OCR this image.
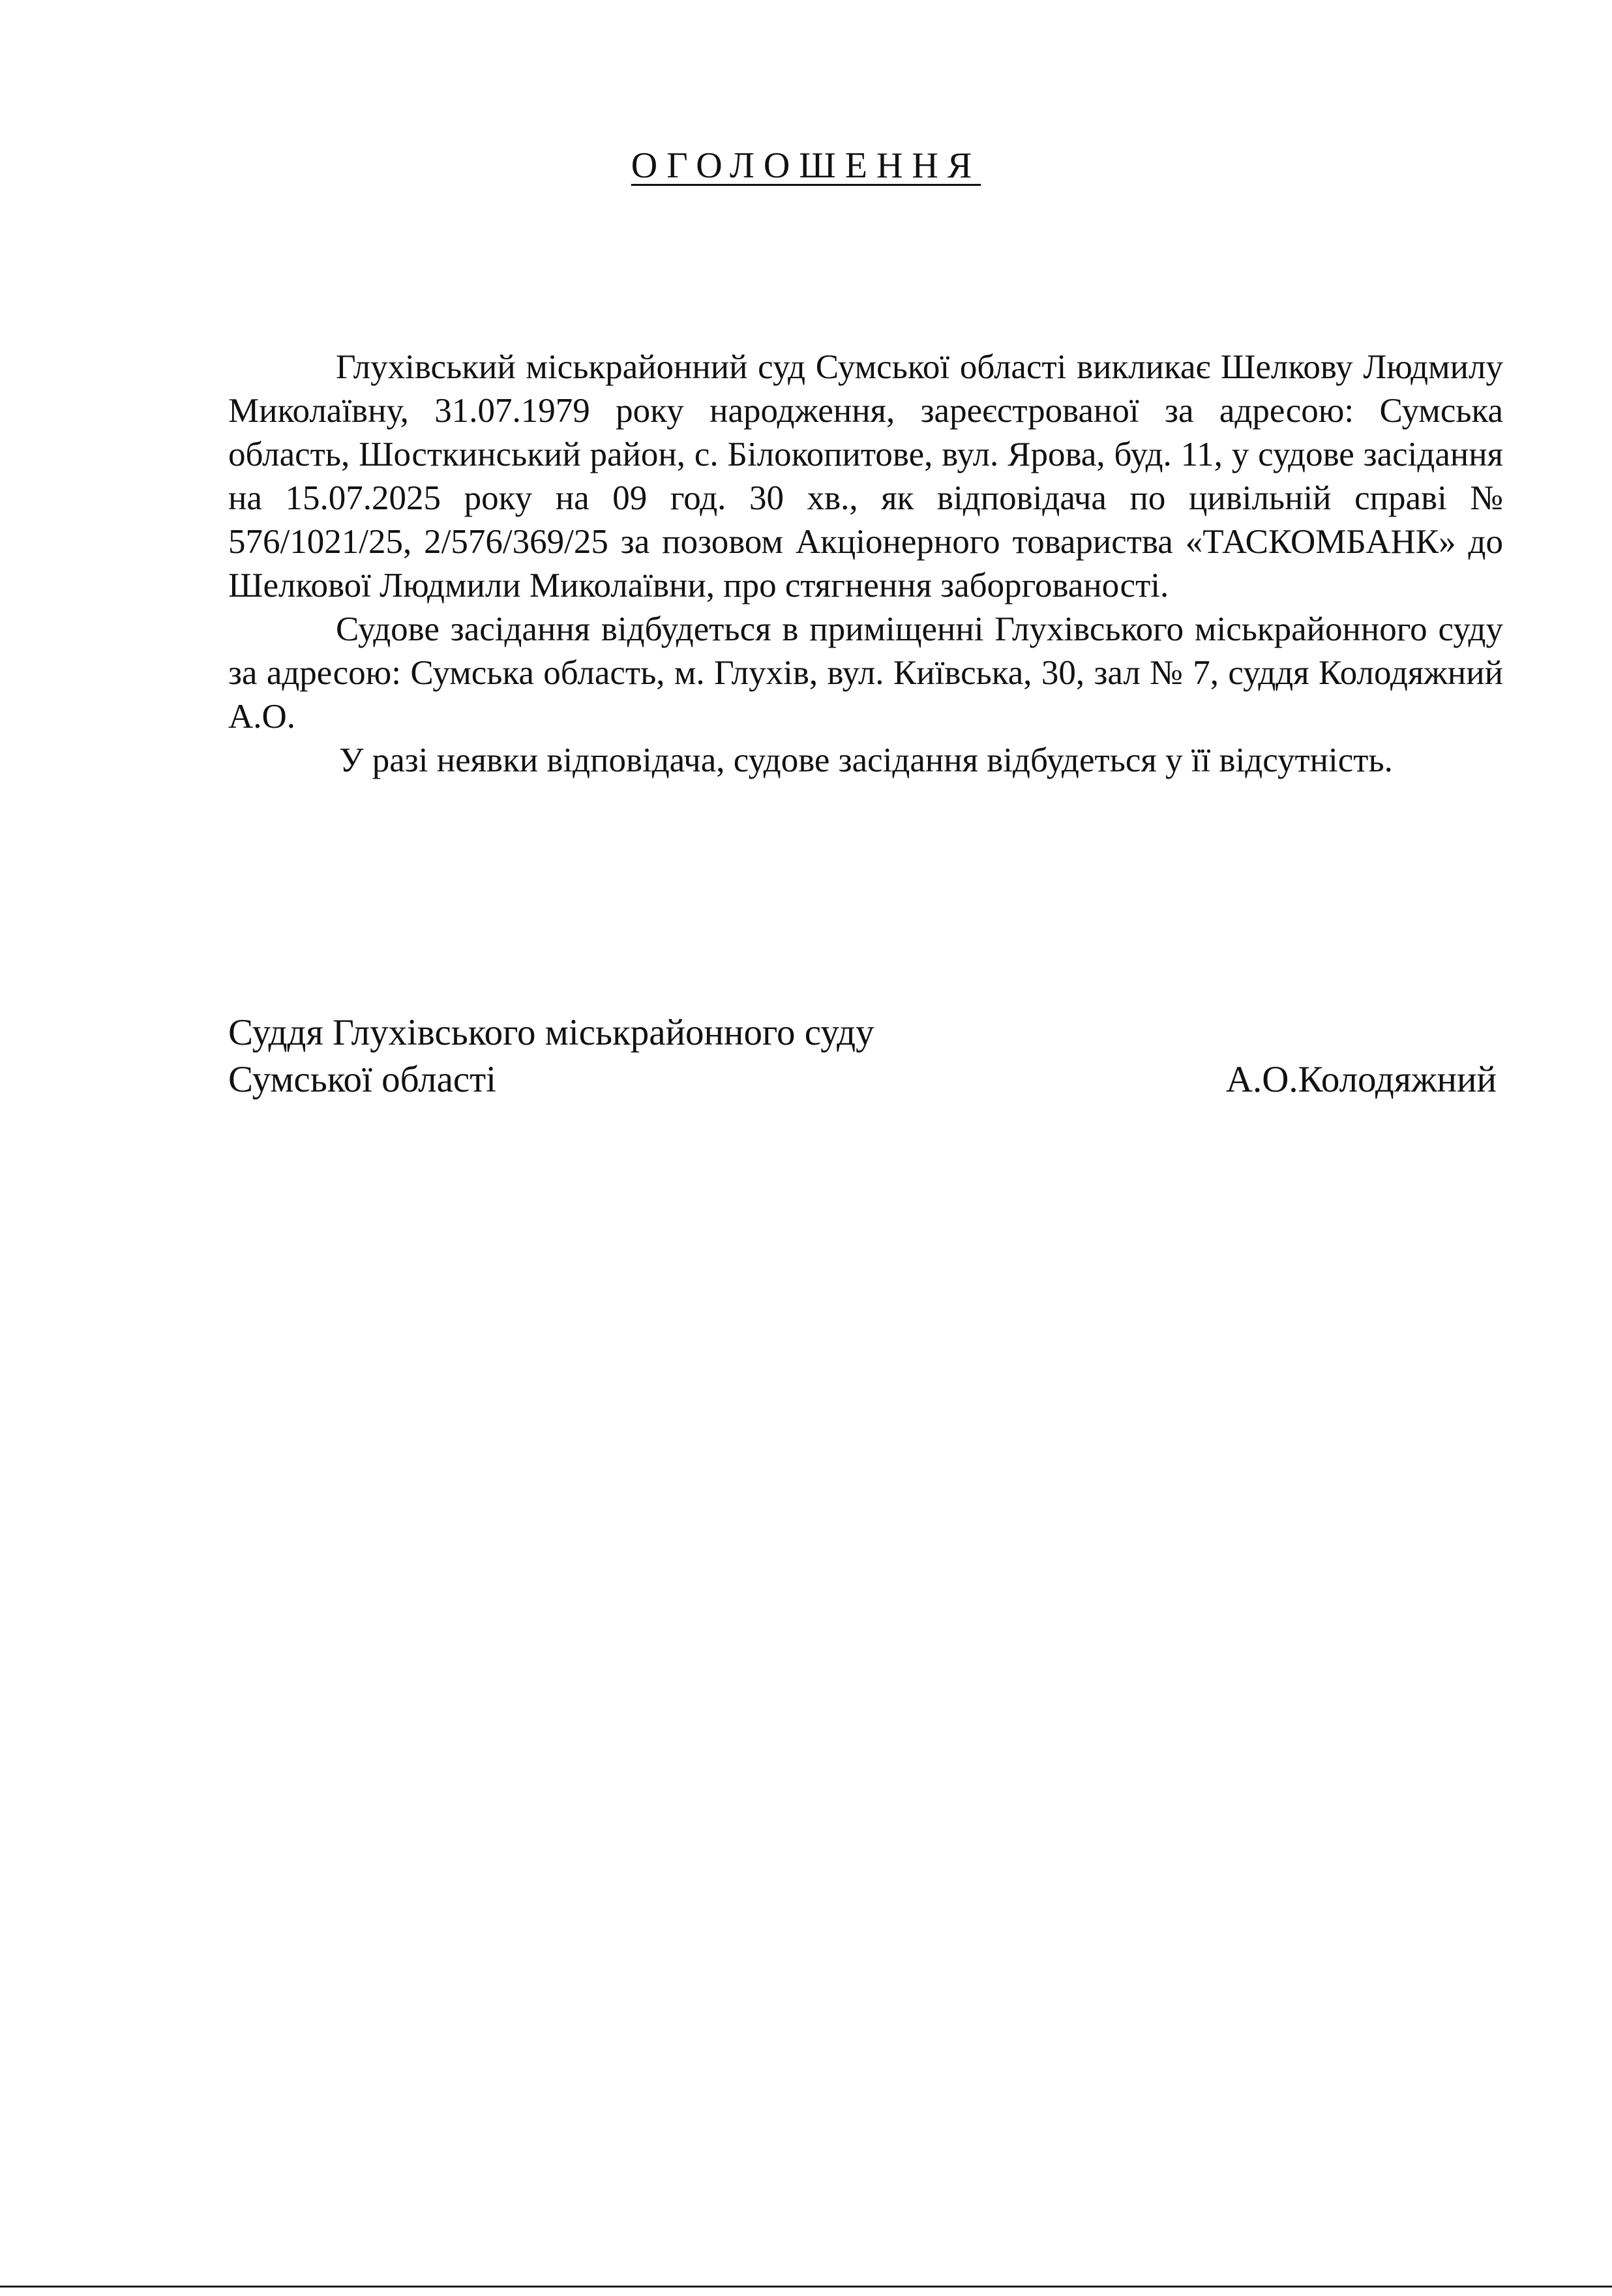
ОГОЛОШЕННЯ

Глухівський міськрайонний суд Сумської області викликає Шелкову Людмилу Миколаївну, 31.07.1979 року народження, зареєстрованої за адресою: Сумська область, Шосткинський район, с. Білокопитове, вул. Ярова, буд. 11, у судове засідання на 15.07.2025 року на 09 год. 30 хв., як відповідача по цивільній справі № 576/1021/25, 2/576/369/25 за позовом Акціонерного товариства «ТАСКОМБАНК» до Шелкової Людмили Миколаївни, про стягнення заборгованості.

Судове засідання відбудеться в приміщенні Глухівського міськрайонного суду за адресою: Сумська область, м. Глухів, вул. Київська, 30, зал № 7, суддя Колодяжний А.О.

У разі неявки відповідача, судове засідання відбудеться у її відсутність.

Суддя Глухівського міськрайонного суду
Сумської області	А.О.Колодяжний
